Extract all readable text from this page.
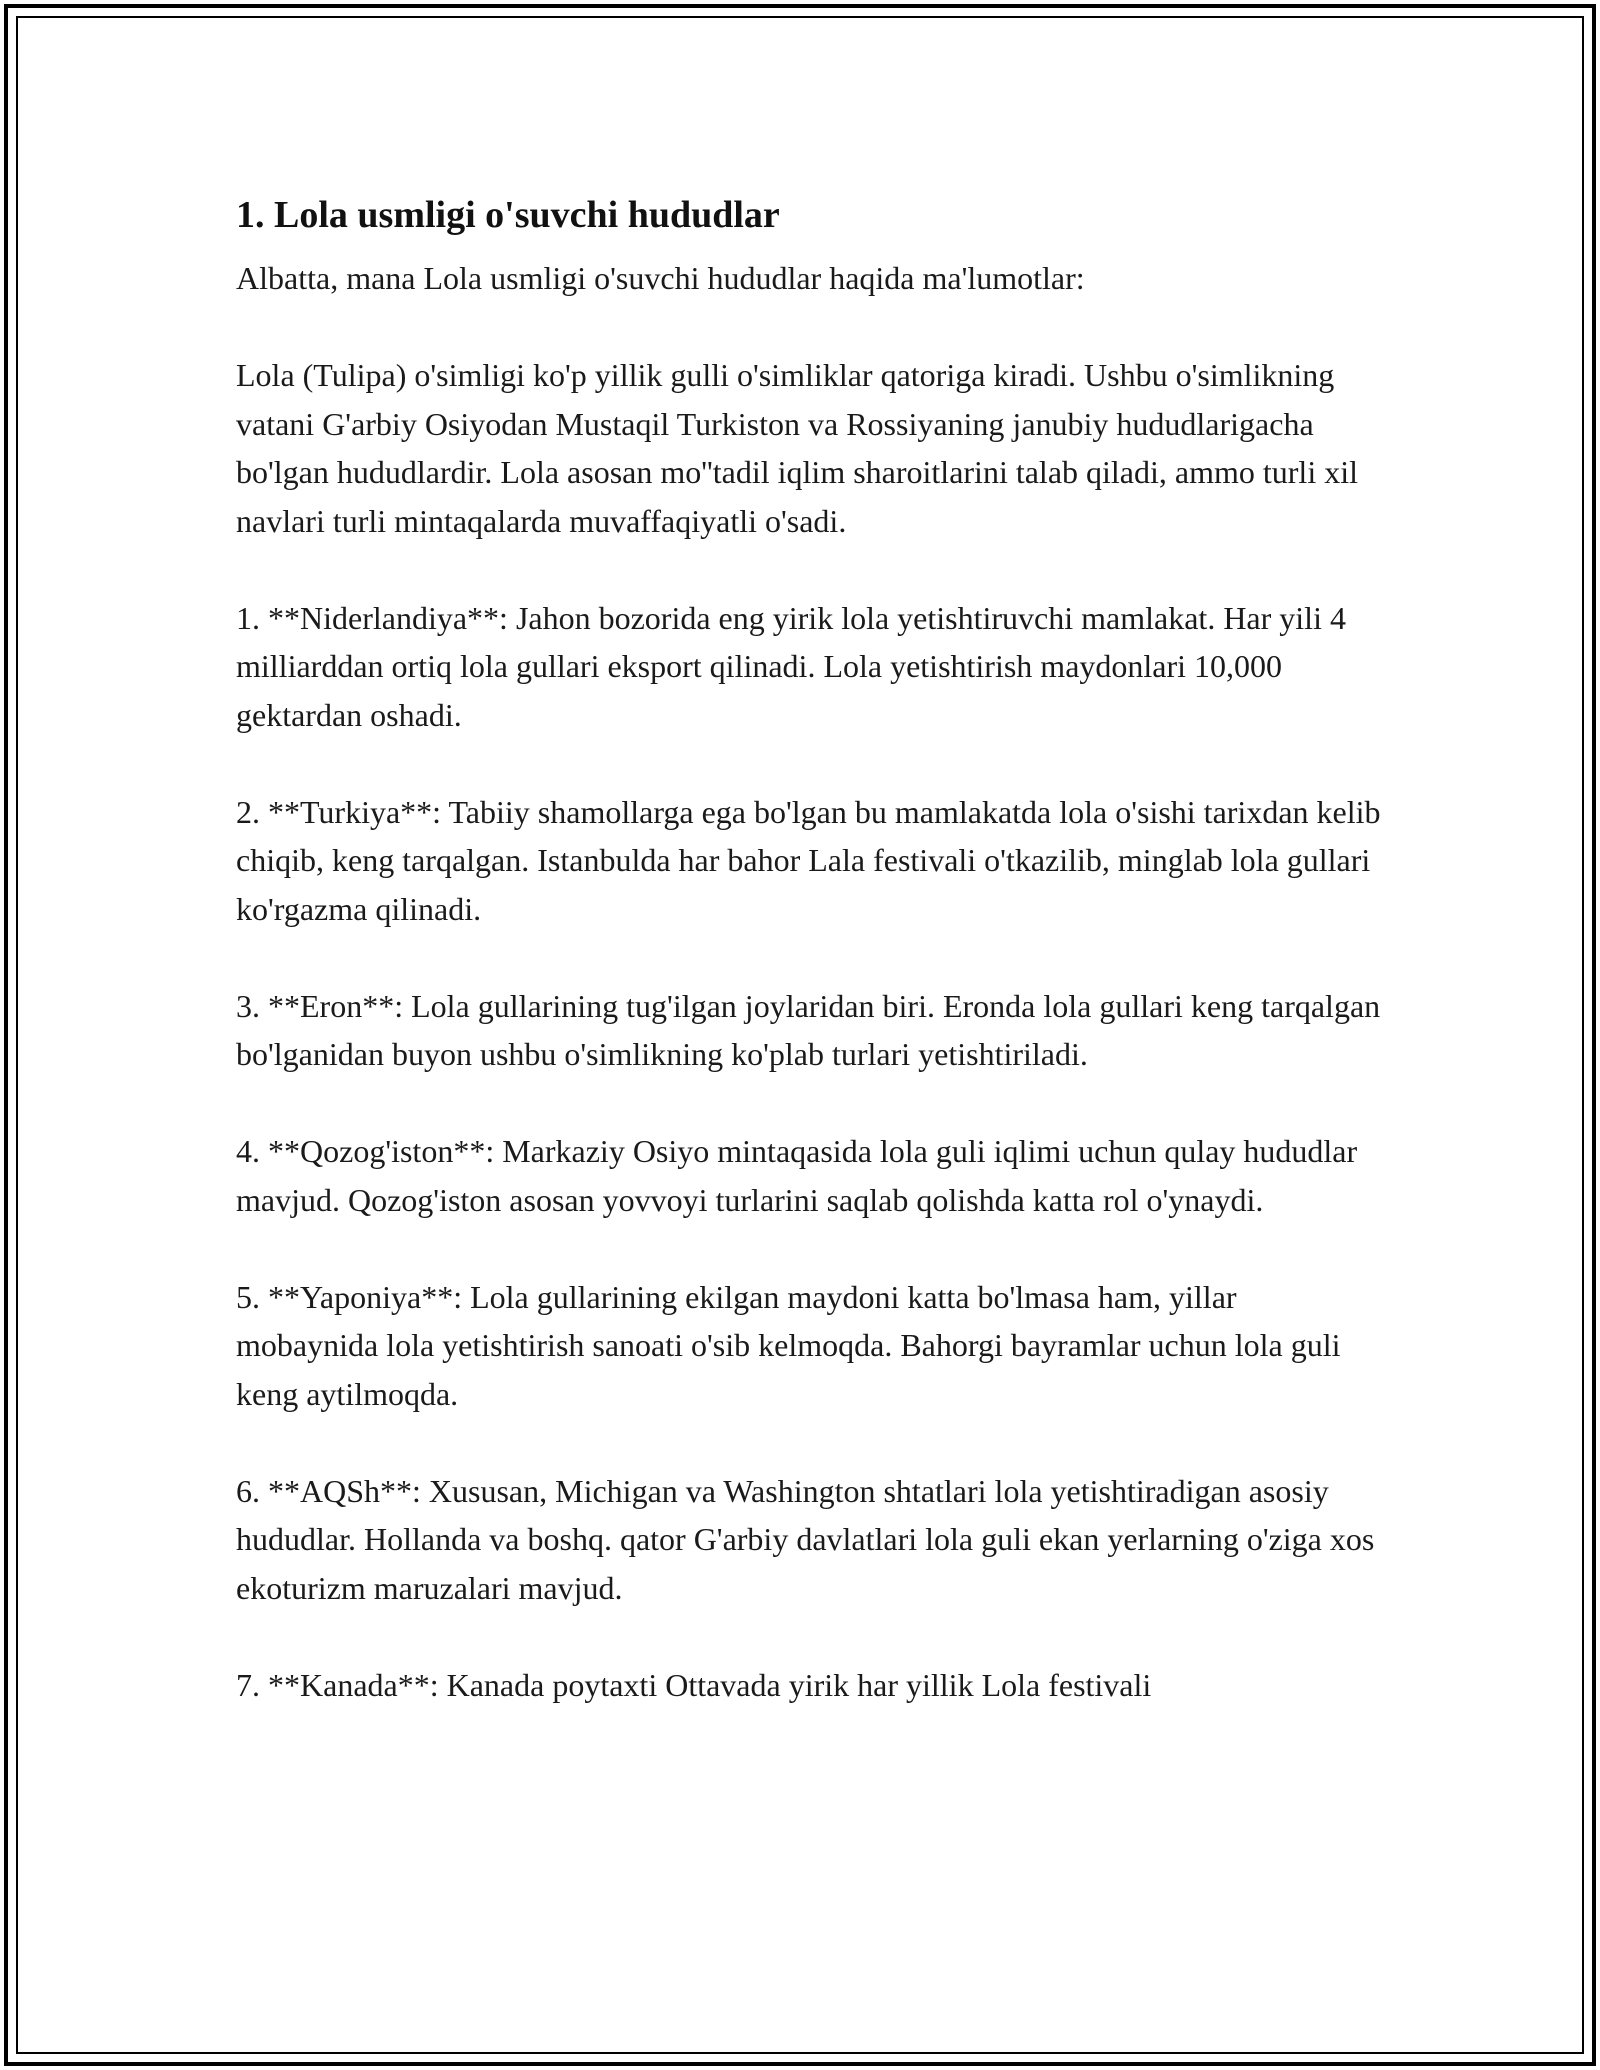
1. Lola usmligi o'suvchi hududlar

Albatta, mana Lola usmligi o'suvchi hududlar haqida ma'lumotlar:

Lola (Tulipa) o'simligi ko'p yillik gulli o'simliklar qatoriga kiradi. Ushbu o'simlikning vatani G'arbiy Osiyodan Mustaqil Turkiston va Rossiyaning janubiy hududlarigacha bo'lgan hududlardir. Lola asosan mo''tadil iqlim sharoitlarini talab qiladi, ammo turli xil navlari turli mintaqalarda muvaffaqiyatli o'sadi.

1. **Niderlandiya**: Jahon bozorida eng yirik lola yetishtiruvchi mamlakat. Har yili 4 milliarddan ortiq lola gullari eksport qilinadi. Lola yetishtirish maydonlari 10,000 gektardan oshadi.

2. **Turkiya**: Tabiiy shamollarga ega bo'lgan bu mamlakatda lola o'sishi tarixdan kelib chiqib, keng tarqalgan. Istanbulda har bahor Lala festivali o'tkazilib, minglab lola gullari ko'rgazma qilinadi.

3. **Eron**: Lola gullarining tug'ilgan joylaridan biri. Eronda lola gullari keng tarqalgan bo'lganidan buyon ushbu o'simlikning ko'plab turlari yetishtiriladi.

4. **Qozog'iston**: Markaziy Osiyo mintaqasida lola guli iqlimi uchun qulay hududlar mavjud. Qozog'iston asosan yovvoyi turlarini saqlab qolishda katta rol o'ynaydi.

5. **Yaponiya**: Lola gullarining ekilgan maydoni katta bo'lmasa ham, yillar mobaynida lola yetishtirish sanoati o'sib kelmoqda. Bahorgi bayramlar uchun lola guli keng aytilmoqda.

6. **AQSh**: Xususan, Michigan va Washington shtatlari lola yetishtiradigan asosiy hududlar. Hollanda va boshq. qator G'arbiy davlatlari lola guli ekan yerlarning o'ziga xos ekoturizm maruzalari mavjud.

7. **Kanada**: Kanada poytaxti Ottavada yirik har yillik Lola festivali
